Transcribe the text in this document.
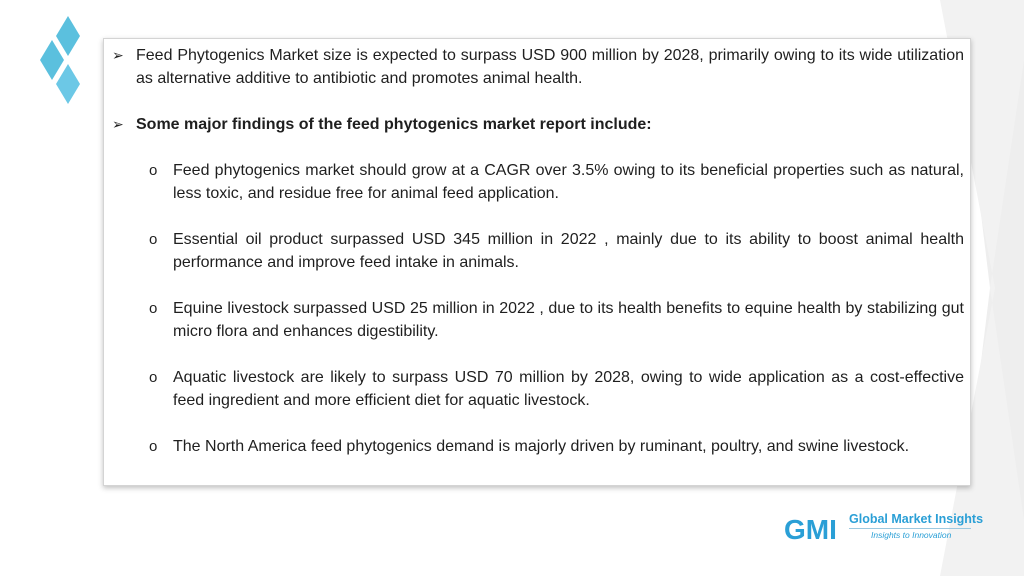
➢ Feed Phytogenics Market size is expected to surpass USD 900 million by 2028, primarily owing to its wide utilization as alternative additive to antibiotic and promotes animal health.
➢ Some major findings of the feed phytogenics market report include:
o Feed phytogenics market should grow at a CAGR over 3.5% owing to its beneficial properties such as natural, less toxic, and residue free for animal feed application.
o Essential oil product surpassed USD 345 million in 2022 , mainly due to its ability to boost animal health performance and improve feed intake in animals.
o Equine livestock surpassed USD 25 million in 2022 , due to its health benefits to equine health by stabilizing gut micro flora and enhances digestibility.
o Aquatic livestock are likely to surpass USD 70 million by 2028, owing to wide application as a cost-effective feed ingredient and more efficient diet for aquatic livestock.
o The North America feed phytogenics demand is majorly driven by ruminant, poultry, and swine livestock.
GMI Global Market Insights
Insights to Innovation
